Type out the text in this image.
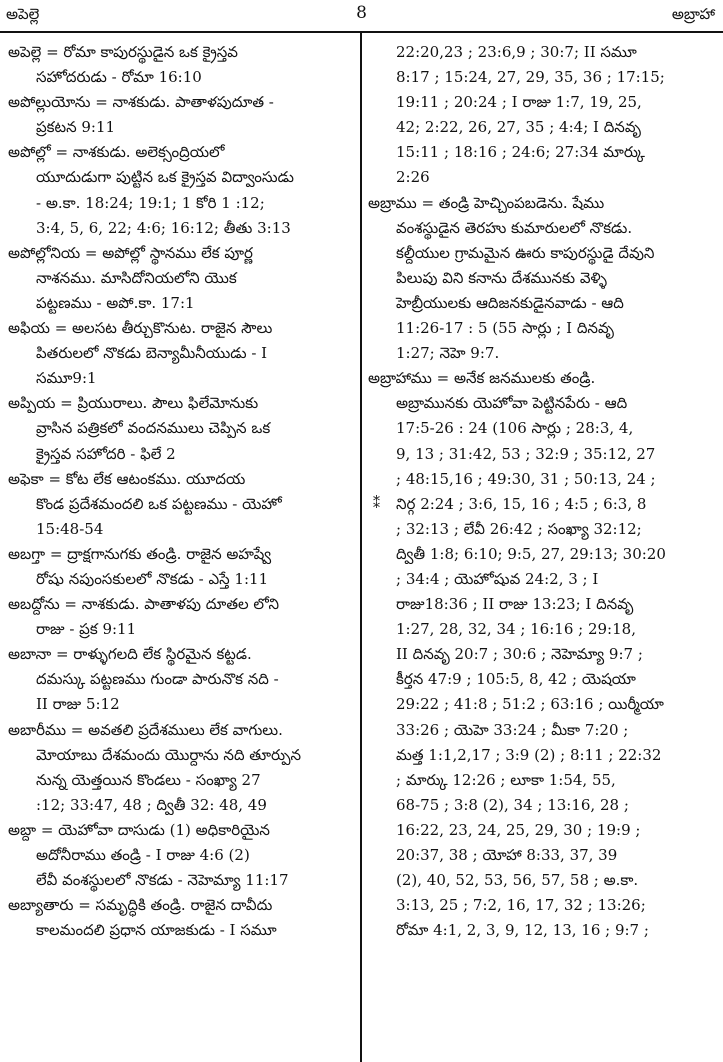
అపెల్లె	8	అబ్రాహా
అపెల్లె = రోమా కాపురస్థుడైన ఒక క్రైస్తవ
సహోదరుడు - రోమా 16:10
అపోల్లుయోను = నాశకుడు. పాతాళపుదూత -
ప్రకటన 9:11
అపోల్లో = నాశకుడు. అలెక్సంద్రియలో
యూదుడుగా పుట్టిన ఒక క్రైస్తవ విద్వాంసుడు
- అ.కా. 18:24; 19:1; 1 కోరి 1 :12;
3:4, 5, 6, 22; 4:6; 16:12; తీతు 3:13
అపోల్లోనియ = అపోల్లో స్థానము లేక పూర్ణ
నాశనము. మాసిదోనియలోని యొక
పట్టణము - అపో.కా. 17:1
అఫియ = అలసట తీర్చుకొనుట. రాజైన సౌలు
పితరులలో నొకడు బెన్యామీనీయుడు - I
సమూ9:1
అప్పియ = ప్రియురాలు. పౌలు ఫిలేమోనుకు
వ్రాసిన పత్రికలో వందనములు చెప్పిన ఒక
క్రైస్తవ సహోదరి - ఫిలే 2
అఫెకా = కోట లేక ఆటంకము. యూదయ
కొండ ప్రదేశమందలి ఒక పట్టణము - యెహో
15:48-54
అబగ్తా = ద్రాక్షగానుగకు తండ్రి. రాజైన అహష్వే
రోషు నపుంసకులలో నొకడు - ఎస్తే 1:11
అబద్దోను = నాశకుడు. పాతాళపు దూతల లోని
రాజు - ప్రక 9:11
అబానా = రాళ్ళుగలది లేక స్థిరమైన కట్టడ.
దమస్కు పట్టణము గుండా పారునొక నది -
II రాజు 5:12
అబారీము = అవతలి ప్రదేశములు లేక వాగులు.
మోయాబు దేశమందు యొర్దాను నది తూర్పున
నున్న యెత్తయిన కొండలు - సంఖ్యా 27
:12; 33:47, 48 ; ద్వితీ 32: 48, 49
అబ్దా = యెహోవా దాసుడు (1) అధికారియైన
అదోనీరాము తండ్రి - I రాజు 4:6 (2)
లేవీ వంశస్థులలో నొకడు - నెహెమ్యా 11:17
అబ్యాతారు = సమృద్ధికి తండ్రి. రాజైన దావీదు
కాలమందలి ప్రధాన యాజకుడు - I సమూ
22:20,23 ; 23:6,9 ; 30:7; II సమూ
8:17 ; 15:24, 27, 29, 35, 36 ; 17:15;
19:11 ; 20:24 ; I రాజు 1:7, 19, 25,
42; 2:22, 26, 27, 35 ; 4:4; I దినవృ
15:11 ; 18:16 ; 24:6; 27:34 మార్కు
2:26
అబ్రాము = తండ్రి హెచ్చింపబడెను. షేము
వంశస్థుడైన తెరహు కుమారులలో నొకడు.
కల్దీయుల గ్రామమైన ఊరు కాపురస్థుడై దేవుని
పిలుపు విని కనాను దేశమునకు వెళ్ళి
హెబ్రీయులకు ఆదిజనకుడైనవాడు - ఆది
11:26-17 : 5 (55 సార్లు ; I దినవృ
1:27; నెహె 9:7.
అబ్రాహాము = అనేక జనములకు తండ్రి.
అబ్రామునకు యెహోవా పెట్టినపేరు - ఆది
17:5-26 : 24 (106 సార్లు ; 28:3, 4,
9, 13 ; 31:42, 53 ; 32:9 ; 35:12, 27
; 48:15,16 ; 49:30, 31 ; 50:13, 24 ;
నిర్గ 2:24 ; 3:6, 15, 16 ; 4:5 ; 6:3, 8
; 32:13 ; లేవీ 26:42 ; సంఖ్యా 32:12;
ద్వితీ 1:8; 6:10; 9:5, 27, 29:13; 30:20
; 34:4 ; యెహోషువ 24:2, 3 ; I
రాజు18:36 ; II రాజు 13:23; I దినవృ
1:27, 28, 32, 34 ; 16:16 ; 29:18,
II దినవృ 20:7 ; 30:6 ; నెహెమ్యా 9:7 ;
కీర్తన 47:9 ; 105:5, 8, 42 ; యెషయా
29:22 ; 41:8 ; 51:2 ; 63:16 ; యిర్మీయా
33:26 ; యెహె 33:24 ; మీకా 7:20 ;
మత్త 1:1,2,17 ; 3:9 (2) ; 8:11 ; 22:32
; మార్కు 12:26 ; లూకా 1:54, 55,
68-75 ; 3:8 (2), 34 ; 13:16, 28 ;
16:22, 23, 24, 25, 29, 30 ; 19:9 ;
20:37, 38 ; యోహా 8:33, 37, 39
(2), 40, 52, 53, 56, 57, 58 ; అ.కా.
3:13, 25 ; 7:2, 16, 17, 32 ; 13:26;
రోమా 4:1, 2, 3, 9, 12, 13, 16 ; 9:7 ;
⁑
